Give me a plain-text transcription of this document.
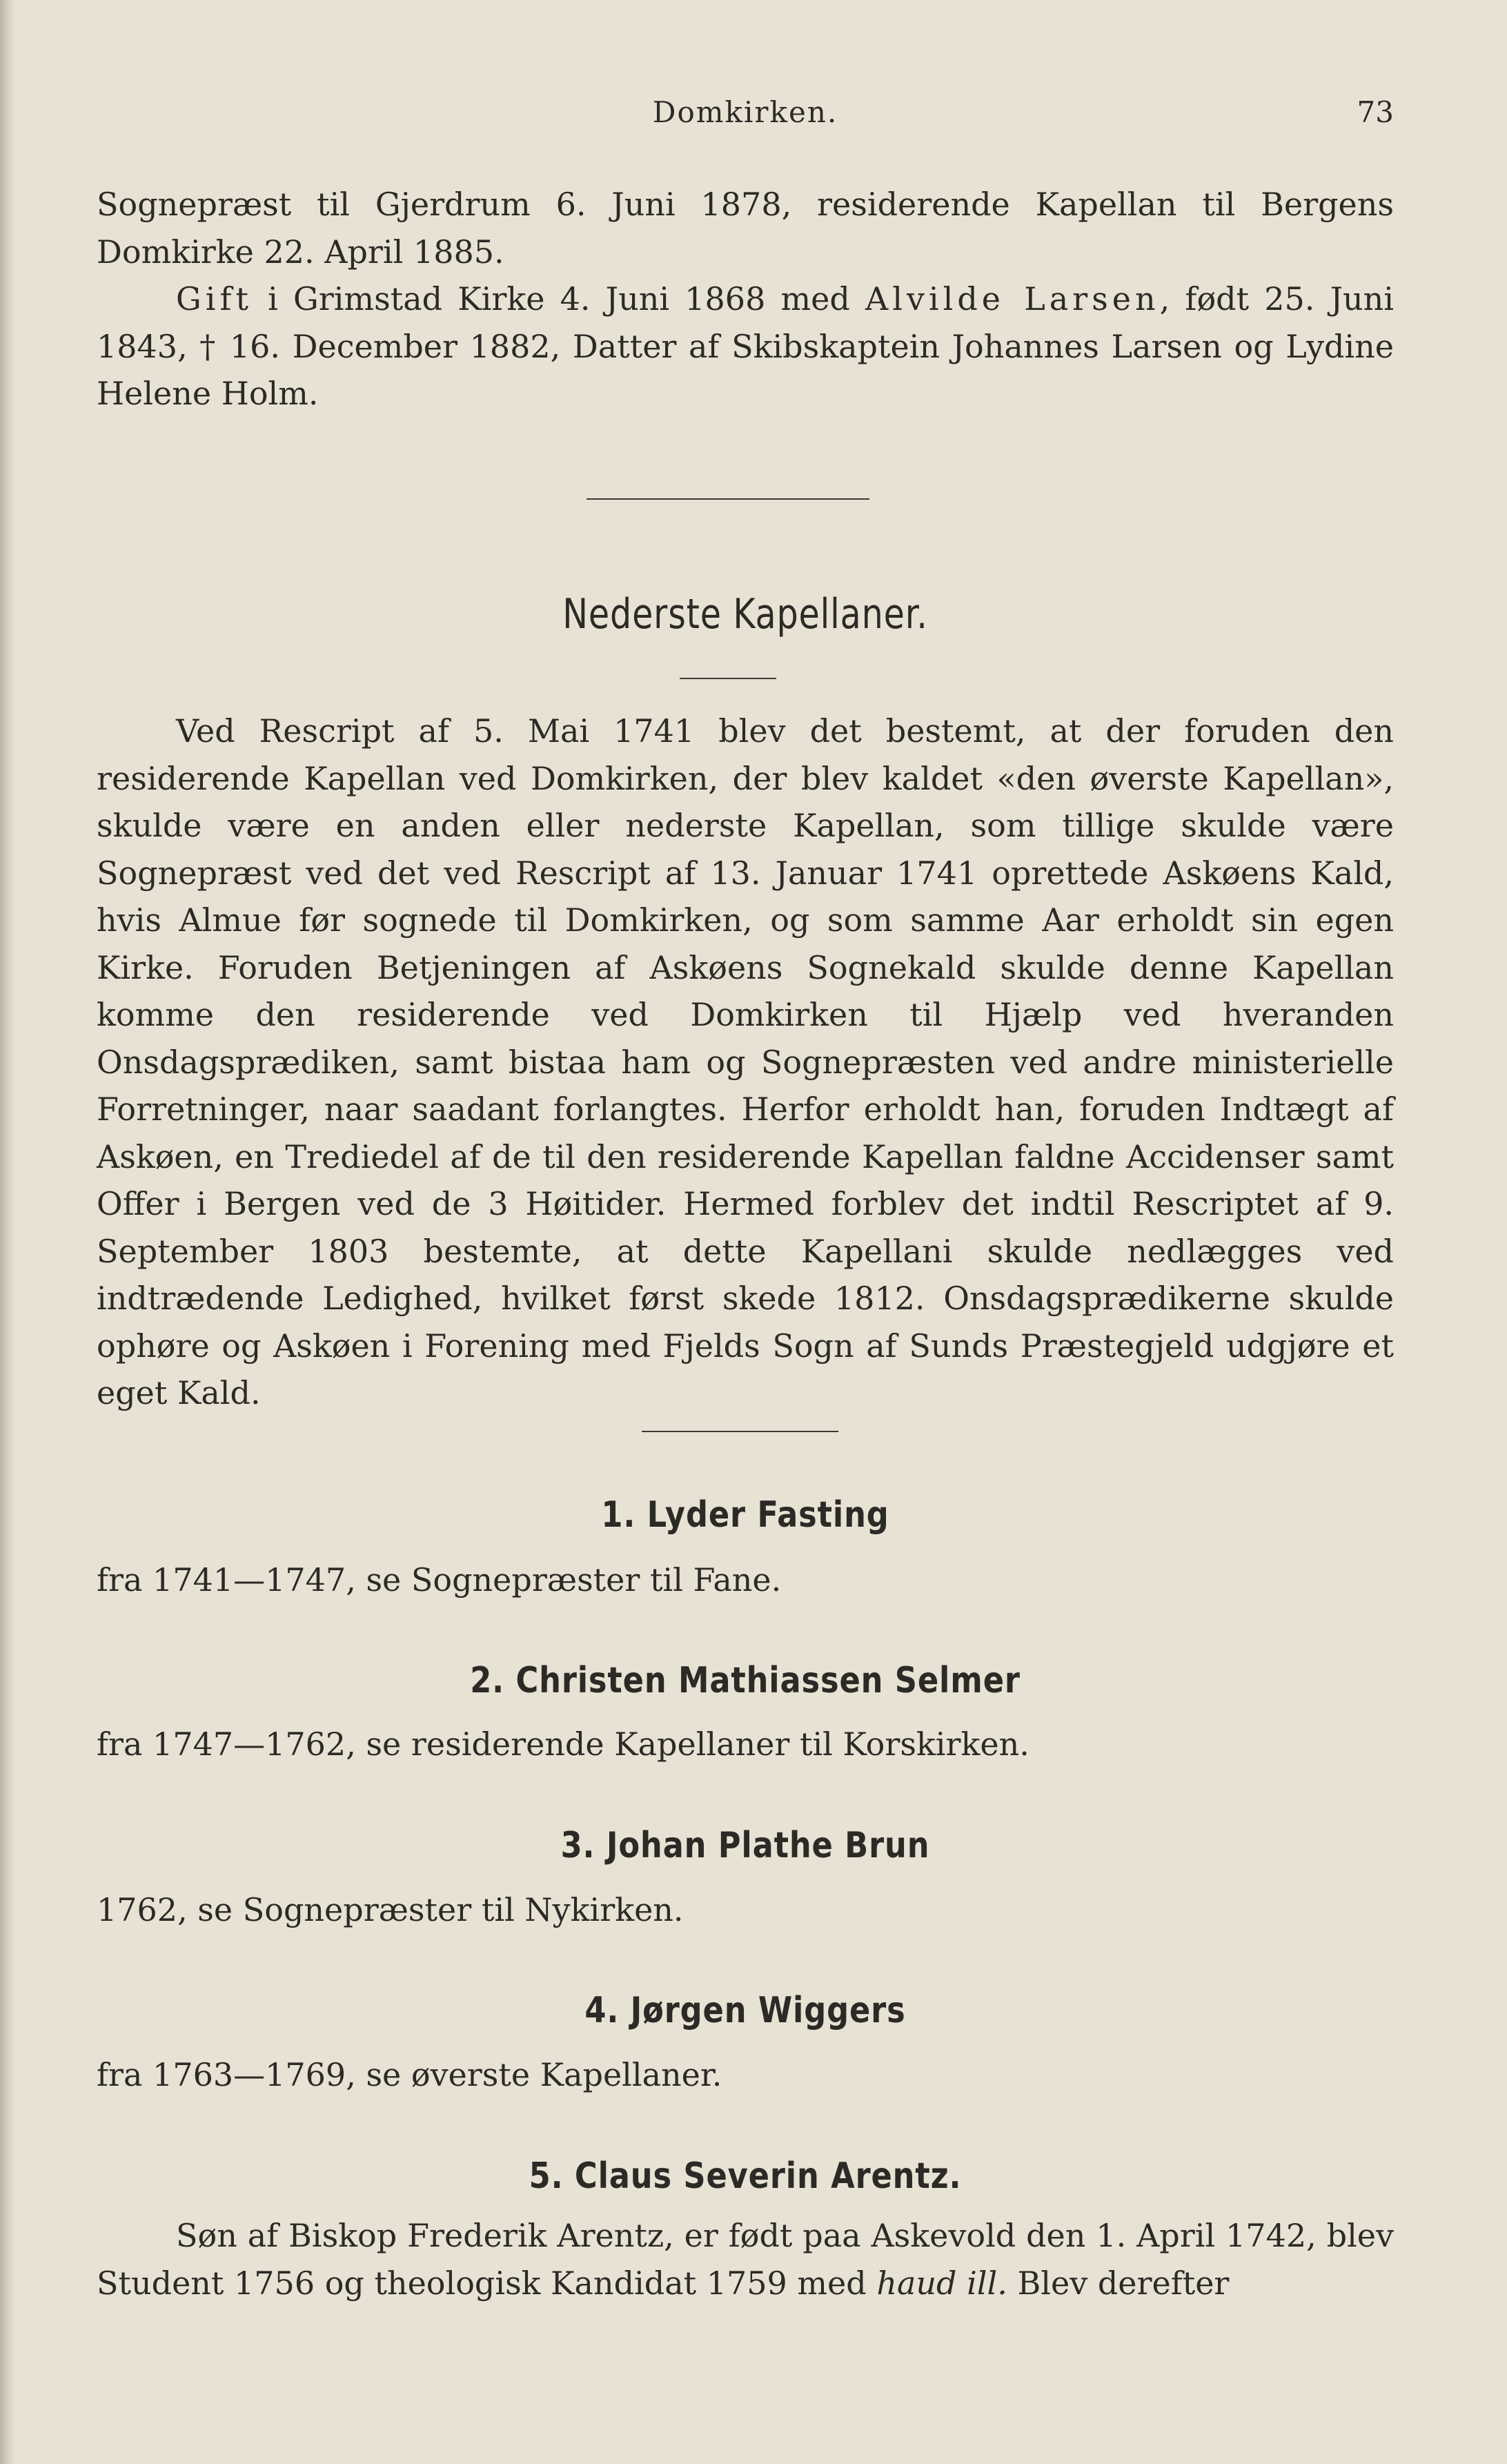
Domkirken.	73

Sognepræst til Gjerdrum 6. Juni 1878, residerende Kapellan til Bergens Domkirke 22. April 1885.

Gift i Grimstad Kirke 4. Juni 1868 med Alvilde Larsen, født 25. Juni 1843, † 16. December 1882, Datter af Skibskaptein Johannes Larsen og Lydine Helene Holm.

Nederste Kapellaner.

Ved Rescript af 5. Mai 1741 blev det bestemt, at der foruden den residerende Kapellan ved Domkirken, der blev kaldet «den øverste Kapellan», skulde være en anden eller nederste Kapellan, som tillige skulde være Sognepræst ved det ved Rescript af 13. Januar 1741 oprettede Askøens Kald, hvis Almue før sognede til Domkirken, og som samme Aar erholdt sin egen Kirke. Foruden Betjeningen af Askøens Sognekald skulde denne Kapellan komme den residerende ved Domkirken til Hjælp ved hveranden Onsdagsprædiken, samt bistaa ham og Sognepræsten ved andre ministerielle Forretninger, naar saadant forlangtes. Herfor erholdt han, foruden Indtægt af Askøen, en Trediedel af de til den residerende Kapellan faldne Accidenser samt Offer i Bergen ved de 3 Høitider. Hermed forblev det indtil Rescriptet af 9. September 1803 bestemte, at dette Kapellani skulde nedlægges ved indtrædende Ledighed, hvilket først skede 1812. Onsdagsprædikerne skulde ophøre og Askøen i Forening med Fjelds Sogn af Sunds Præstegjeld udgjøre et eget Kald.

1. Lyder Fasting
fra 1741—1747, se Sognepræster til Fane.
2. Christen Mathiassen Selmer
fra 1747—1762, se residerende Kapellaner til Korskirken.
3. Johan Plathe Brun
1762, se Sognepræster til Nykirken.
4. Jørgen Wiggers
fra 1763—1769, se øverste Kapellaner.
5. Claus Severin Arentz.

Søn af Biskop Frederik Arentz, er født paa Askevold den 1. April 1742, blev Student 1756 og theologisk Kandidat 1759 med haud ill. Blev derefter
